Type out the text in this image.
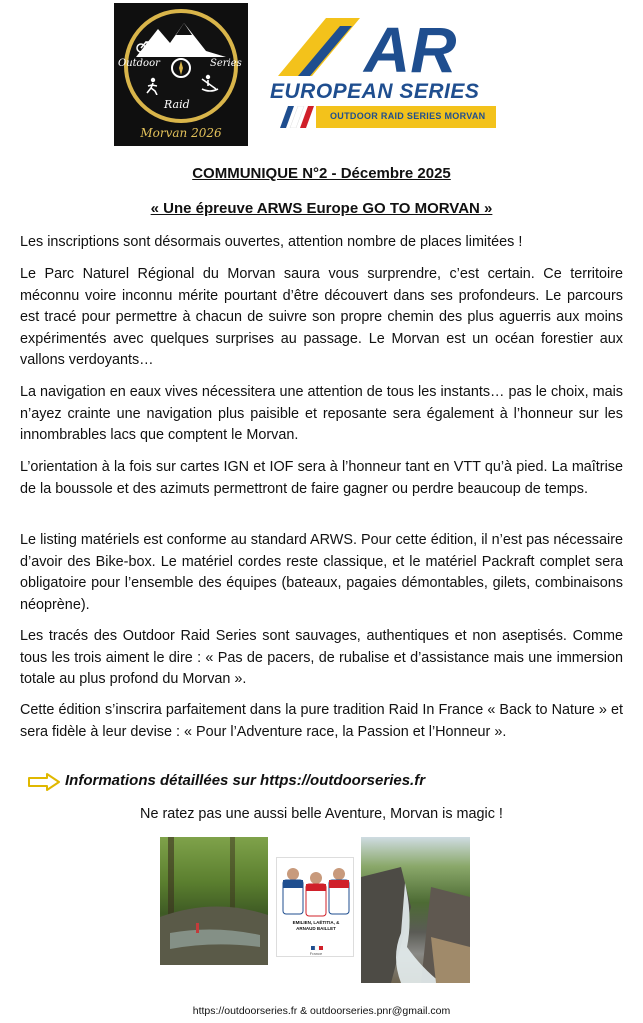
Outdoor	Series
Raid
Morvan 2026
AR
EUROPEAN SERIES
OUTDOOR RAID SERIES MORVAN
COMMUNIQUE N°2 - Décembre 2025
« Une épreuve ARWS Europe GO TO MORVAN »

Les inscriptions sont désormais ouvertes, attention nombre de places limitées !

Le Parc Naturel Régional du Morvan saura vous surprendre, c’est certain. Ce territoire méconnu voire inconnu mérite pourtant d’être découvert dans ses profondeurs. Le parcours est tracé pour permettre à chacun de suivre son propre chemin des plus aguerris aux moins expérimentés avec quelques surprises au passage. Le Morvan est un océan forestier aux vallons verdoyants…

La navigation en eaux vives nécessitera une attention de tous les instants… pas le choix, mais n’ayez crainte une navigation plus paisible et reposante sera également à l’honneur sur les innombrables lacs que comptent le Morvan.

L’orientation à la fois sur cartes IGN et IOF sera à l’honneur tant en VTT qu’à pied. La maîtrise de la boussole et des azimuts permettront de faire gagner ou perdre beaucoup de temps.

Le listing matériels est conforme au standard ARWS. Pour cette édition, il n’est pas nécessaire d’avoir des Bike-box. Le matériel cordes reste classique, et le matériel Packraft complet sera obligatoire pour l’ensemble des équipes (bateaux, pagaies démontables, gilets, combinaisons néoprène).

Les tracés des Outdoor Raid Series sont sauvages, authentiques et non aseptisés. Comme tous les trois aiment le dire : « Pas de pacers, de rubalise et d’assistance mais une immersion totale au plus profond du Morvan ».

Cette édition s’inscrira parfaitement dans la pure tradition Raid In France « Back to Nature » et sera fidèle à leur devise : « Pour l’Adventure race, la Passion et l’Honneur ».

Informations détaillées sur https://outdoorseries.fr
Ne ratez pas une aussi belle Aventure, Morvan is magic !
EMILIEN, LAËTITIA, &
ARNAUD BAILLET
France
https://outdoorseries.fr & outdoorseries.pnr@gmail.com
